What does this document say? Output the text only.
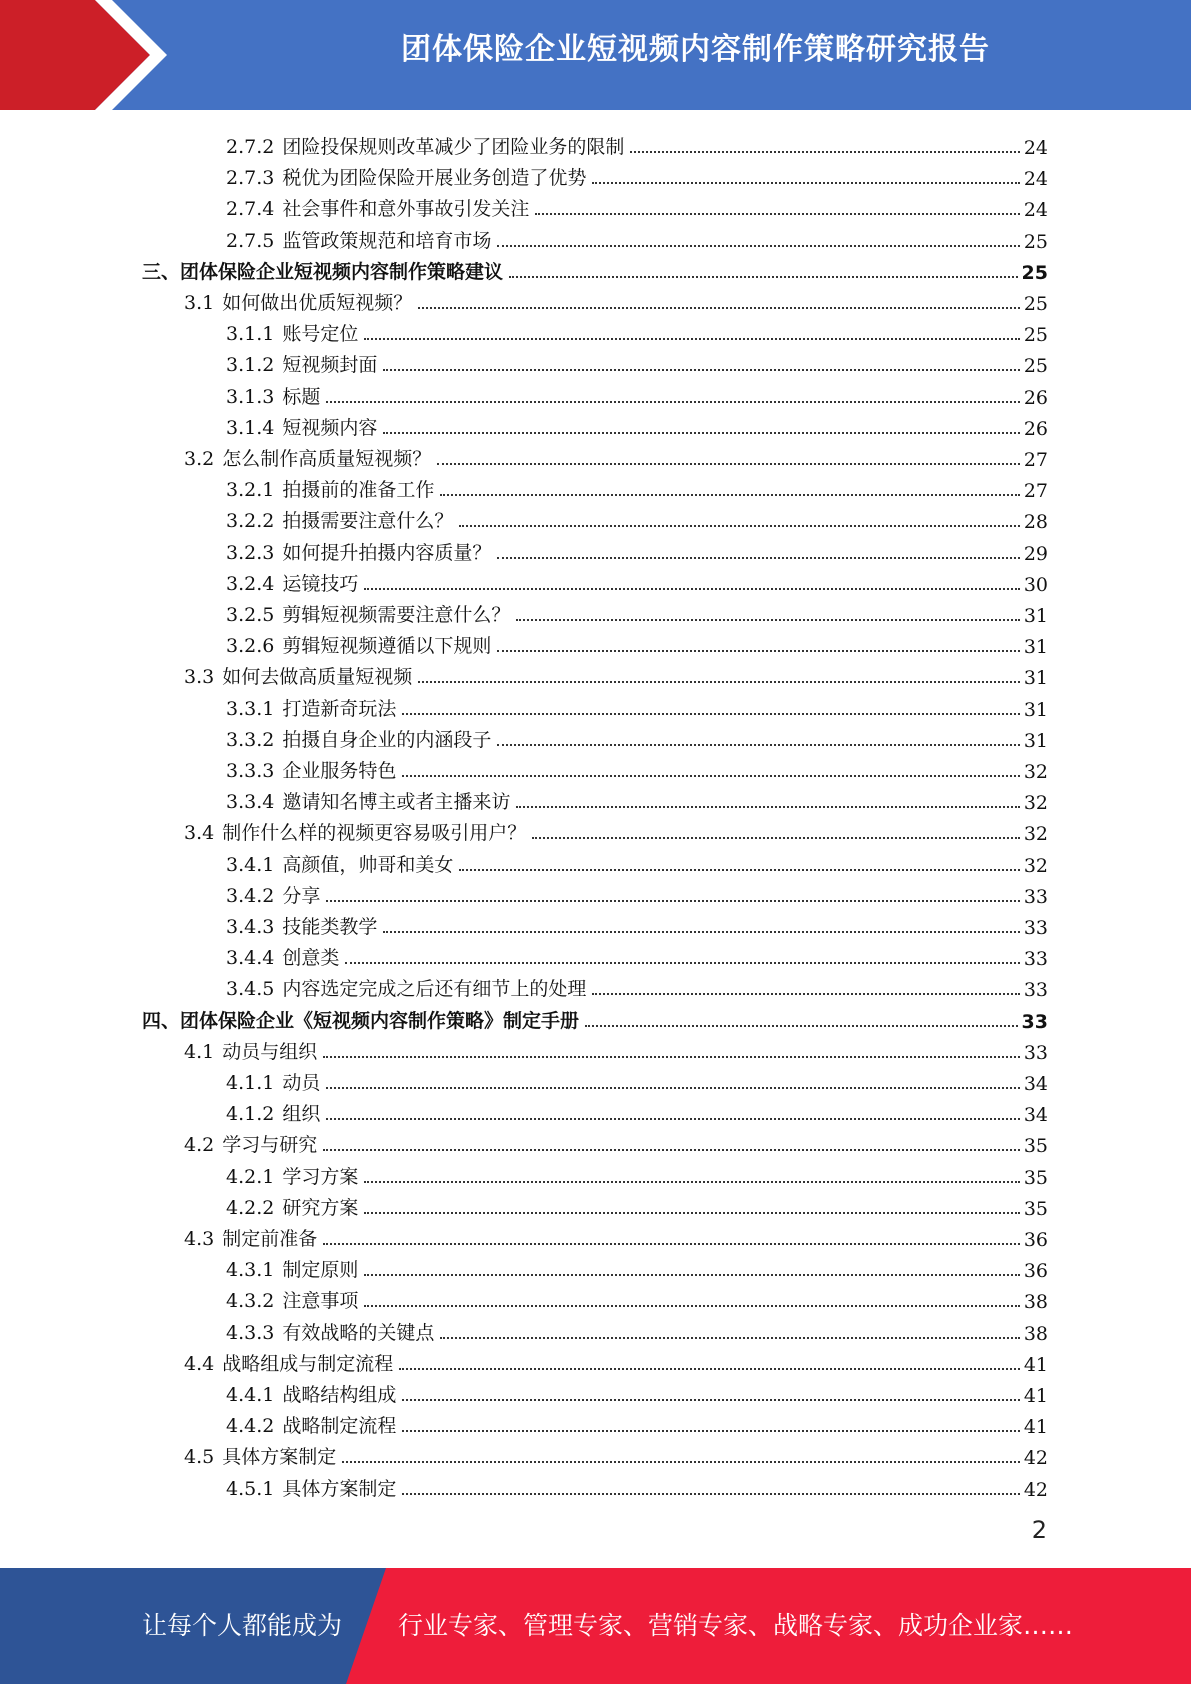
团体保险企业短视频内容制作策略研究报告
2.7.2 团险投保规则改革减少了团险业务的限制	24
2.7.3 税优为团险保险开展业务创造了优势	24
2.7.4 社会事件和意外事故引发关注	24
2.7.5 监管政策规范和培育市场	25
三、团体保险企业短视频内容制作策略建议	25
3.1 如何做出优质短视频？	25
3.1.1 账号定位	25
3.1.2 短视频封面	25
3.1.3 标题	26
3.1.4 短视频内容	26
3.2 怎么制作高质量短视频？	27
3.2.1 拍摄前的准备工作	27
3.2.2 拍摄需要注意什么？	28
3.2.3 如何提升拍摄内容质量？	29
3.2.4 运镜技巧	30
3.2.5 剪辑短视频需要注意什么？	31
3.2.6 剪辑短视频遵循以下规则	31
3.3 如何去做高质量短视频	31
3.3.1 打造新奇玩法	31
3.3.2 拍摄自身企业的内涵段子	31
3.3.3 企业服务特色	32
3.3.4 邀请知名博主或者主播来访	32
3.4 制作什么样的视频更容易吸引用户？	32
3.4.1 高颜值，帅哥和美女	32
3.4.2 分享	33
3.4.3 技能类教学	33
3.4.4 创意类	33
3.4.5 内容选定完成之后还有细节上的处理	33
四、团体保险企业《短视频内容制作策略》制定手册	33
4.1 动员与组织	33
4.1.1 动员	34
4.1.2 组织	34
4.2 学习与研究	35
4.2.1 学习方案	35
4.2.2 研究方案	35
4.3 制定前准备	36
4.3.1 制定原则	36
4.3.2 注意事项	38
4.3.3 有效战略的关键点	38
4.4 战略组成与制定流程	41
4.4.1 战略结构组成	41
4.4.2 战略制定流程	41
4.5 具体方案制定	42
4.5.1 具体方案制定	42
2
让每个人都能成为 行业专家、管理专家、营销专家、战略专家、成功企业家……
